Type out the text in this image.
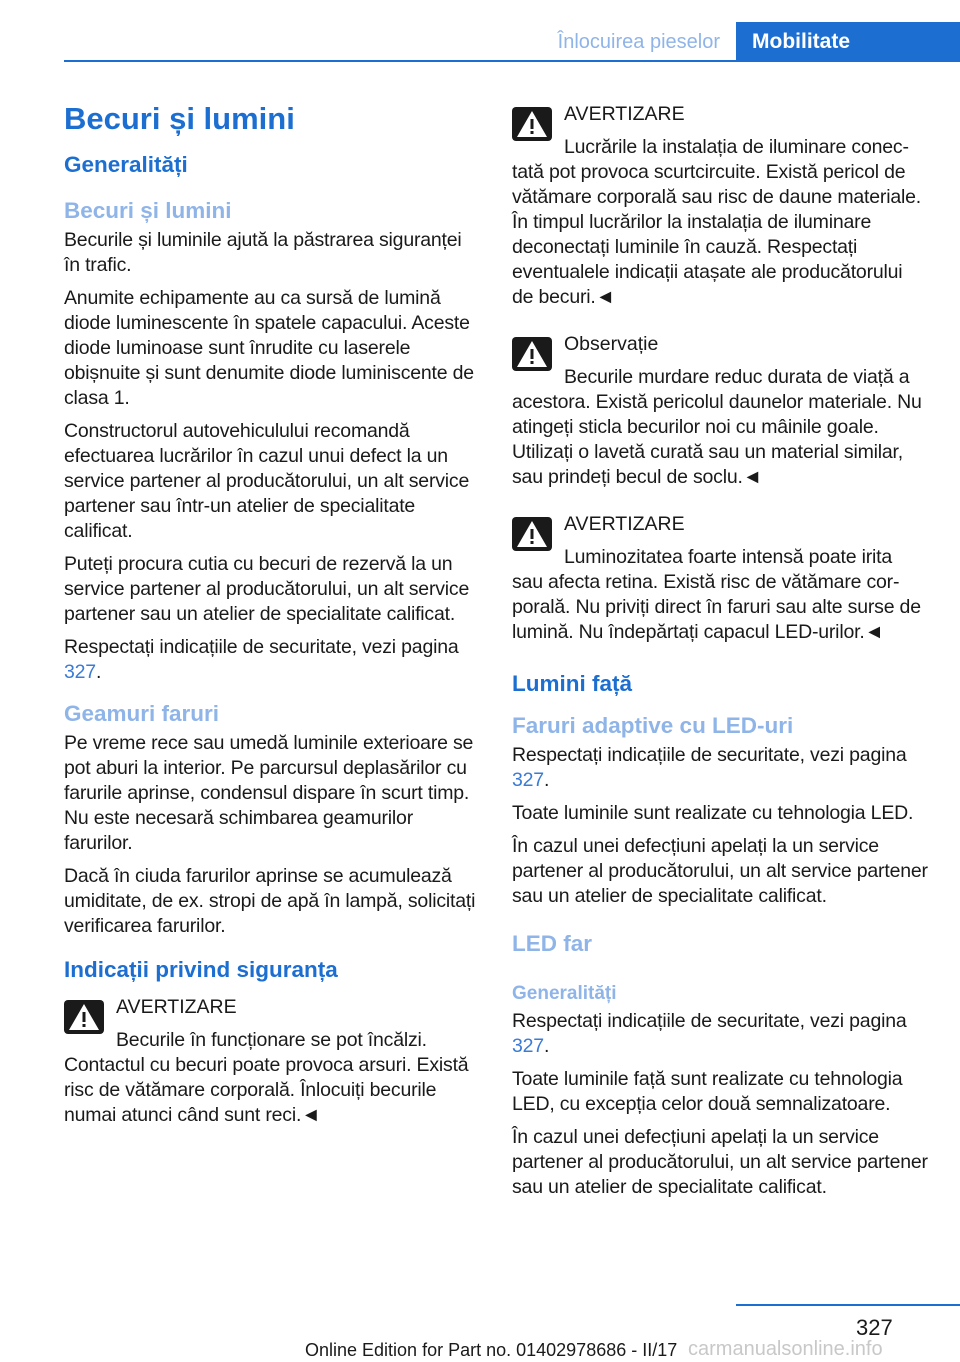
Înlocuirea pieselor	Mobilitate
Becuri și lumini
Generalități
Becuri și lumini

Becurile și luminile ajută la păstrarea siguranței în trafic.

Anumite echipamente au ca sursă de lumină diode luminescente în spatele capacului. Aceste diode luminoase sunt înrudite cu laserele obișnuite și sunt denumite diode luminiscente de clasa 1.

Constructorul autovehiculului recomandă efectuarea lucrărilor în cazul unui defect la un service partener al producătorului, un alt service partener sau într-un atelier de specialitate calificat.

Puteți procura cutia cu becuri de rezervă la un service partener al producătorului, un alt service partener sau un atelier de specialitate calificat.

Respectați indicațiile de securitate, vezi pagina 327.

Geamuri faruri

Pe vreme rece sau umedă luminile exterioare se pot aburi la interior. Pe parcursul deplasărilor cu farurile aprinse, condensul dispare în scurt timp. Nu este necesară schimbarea geamurilor farurilor.

Dacă în ciuda farurilor aprinse se acumulează umiditate, de ex. stropi de apă în lampă, solicitați verificarea farurilor.

Indicații privind siguranța
AVERTIZARE
Becurile în funcționare se pot încălzi. Contactul cu becuri poate provoca arsuri. Există risc de vătămare corporală. Înlocuiți becurile numai atunci când sunt reci.◄
AVERTIZARE
Lucrările la instalația de iluminare conectată pot provoca scurtcircuite. Există pericol de vătămare corporală sau risc de daune materiale. În timpul lucrărilor la instalația de iluminare deconectați luminile în cauză. Respectați eventualele indicații atașate ale producătorului de becuri.◄
Observație
Becurile murdare reduc durata de viață a acestora. Există pericolul daunelor materiale. Nu atingeți sticla becurilor noi cu mâinile goale. Utilizați o lavetă curată sau un material similar, sau prindeți becul de soclu.◄
AVERTIZARE
Luminozitatea foarte intensă poate irita sau afecta retina. Există risc de vătămare corporală. Nu priviți direct în faruri sau alte surse de lumină. Nu îndepărtați capacul LED-urilor.◄
Lumini față
Faruri adaptive cu LED-uri

Respectați indicațiile de securitate, vezi pagina 327.

Toate luminile sunt realizate cu tehnologia LED.

În cazul unei defecțiuni apelați la un service partener al producătorului, un alt service partener sau un atelier de specialitate calificat.

LED far
Generalități

Respectați indicațiile de securitate, vezi pagina 327.

Toate luminile față sunt realizate cu tehnologia LED, cu excepția celor două semnalizatoare.

În cazul unei defecțiuni apelați la un service partener al producătorului, un alt service partener sau un atelier de specialitate calificat.

327
Online Edition for Part no. 01402978686 - II/17 carmanualsonline.info
